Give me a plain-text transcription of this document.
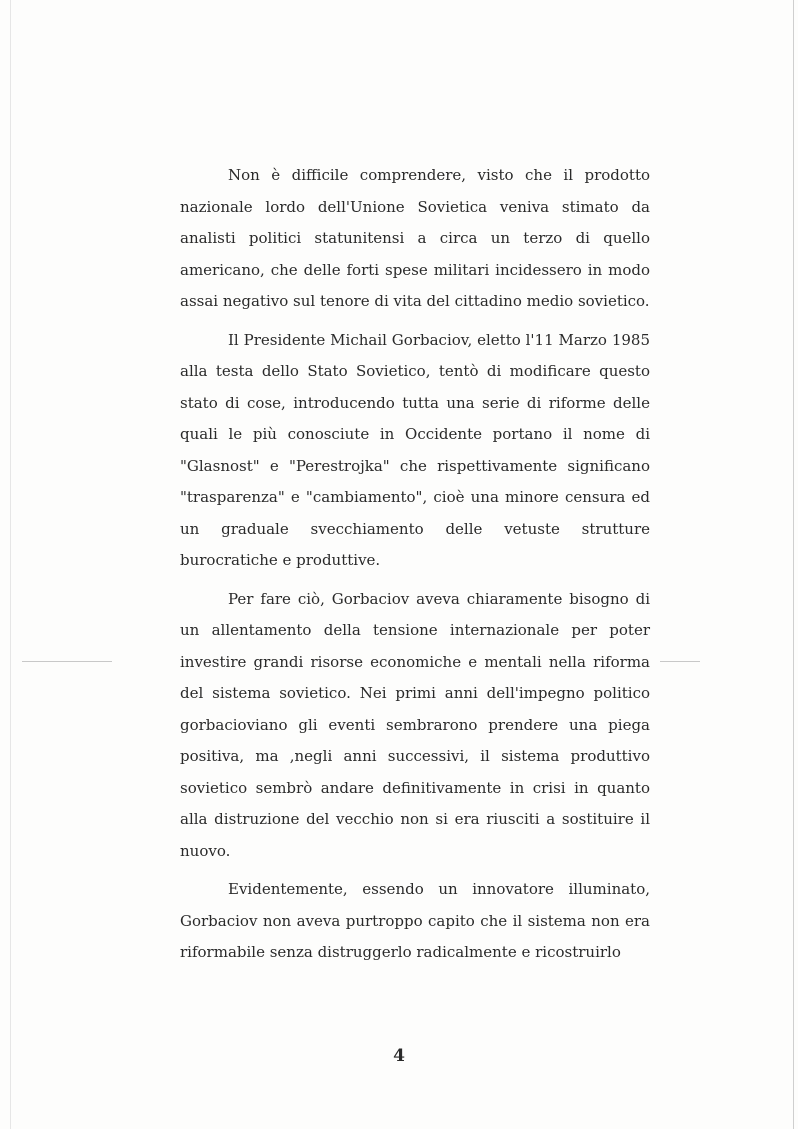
Non è difficile comprendere, visto che il prodotto nazionale lordo dell'Unione Sovietica veniva stimato da analisti politici statunitensi a circa un terzo di quello americano, che delle forti spese militari incidessero in modo assai negativo sul tenore di vita del cittadino medio sovietico.

Il Presidente Michail Gorbaciov, eletto l'11 Marzo 1985 alla testa dello Stato Sovietico, tentò di modificare questo stato di cose, introducendo tutta una serie di riforme delle quali le più conosciute in Occidente portano il nome di "Glasnost" e "Perestrojka" che rispettivamente significano "trasparenza" e "cambiamento", cioè una minore censura ed un graduale svecchiamento delle vetuste strutture burocratiche e produttive.

Per fare ciò, Gorbaciov aveva chiaramente bisogno di un allentamento della tensione internazionale per poter investire grandi risorse economiche e mentali nella riforma del sistema sovietico. Nei primi anni dell'impegno politico gorbacioviano gli eventi sembrarono prendere una piega positiva, ma ,negli anni successivi, il sistema produttivo sovietico sembrò andare definitivamente in crisi in quanto alla distruzione del vecchio non si era riusciti a sostituire il nuovo.

Evidentemente, essendo un innovatore illuminato, Gorbaciov non aveva purtroppo capito che il sistema non era riformabile senza distruggerlo radicalmente e ricostruirlo

4
